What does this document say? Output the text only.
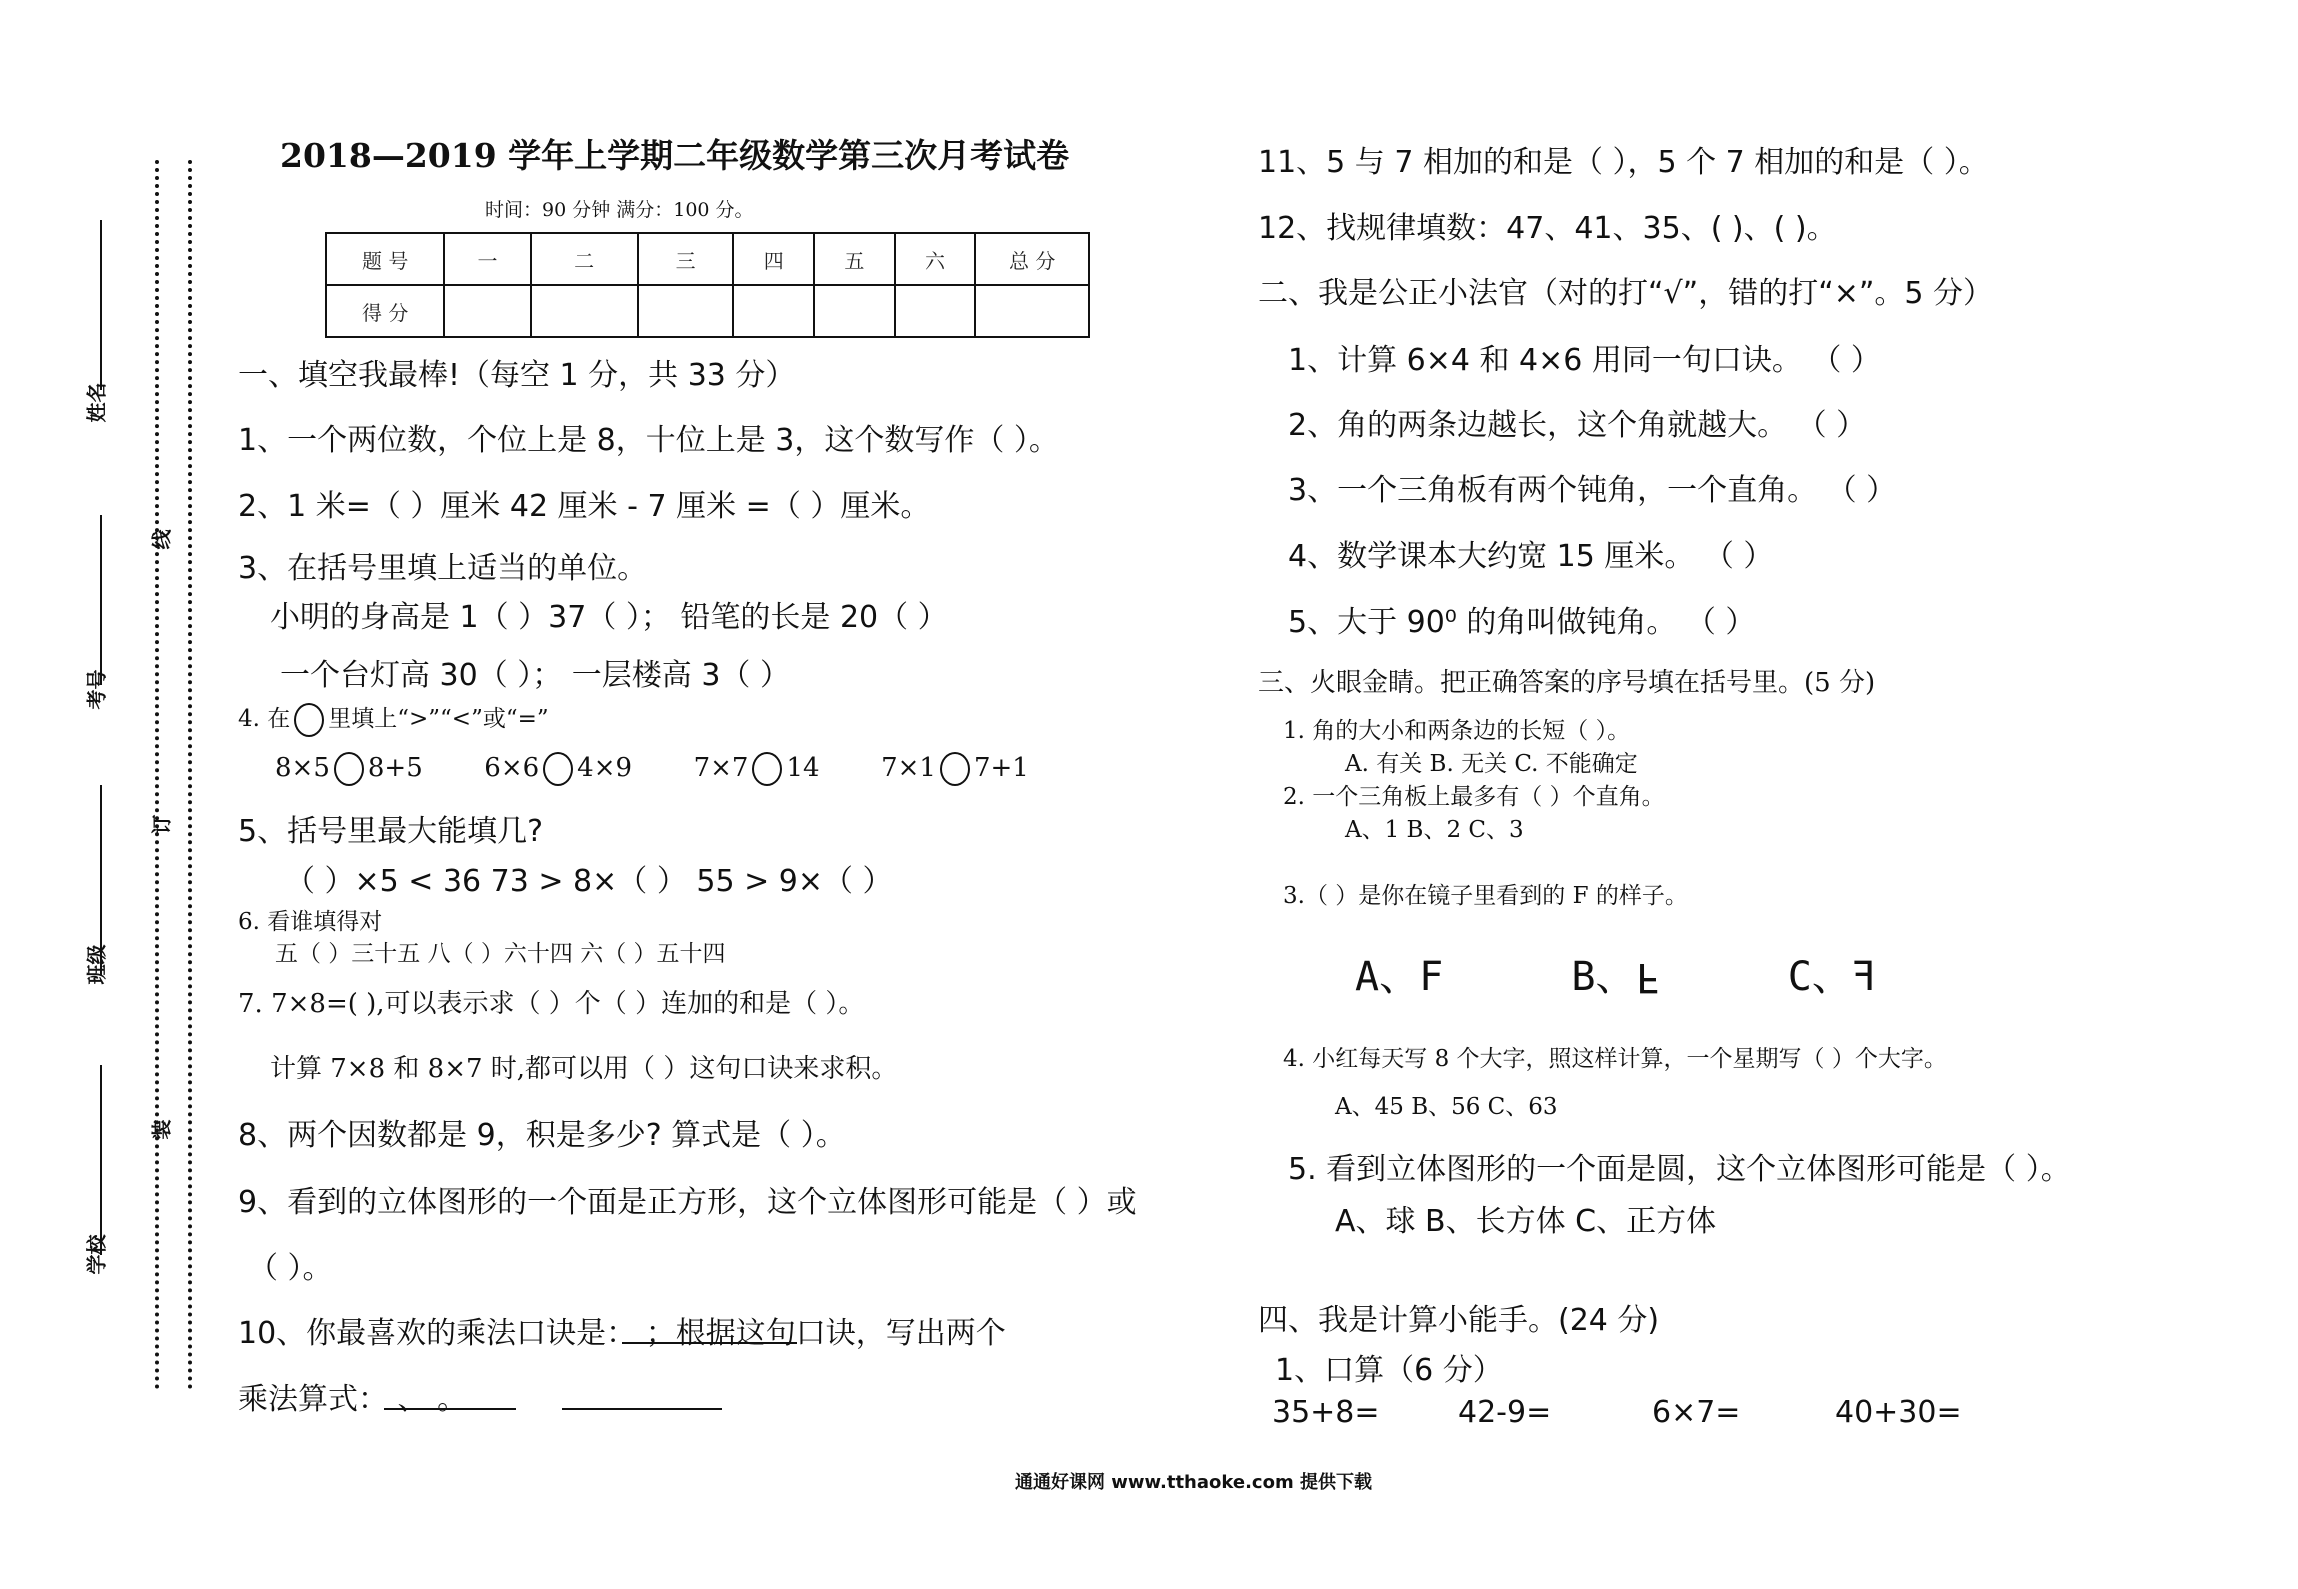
姓名
考号
班级
学校
线
订
装
2018—2019 学年上学期二年级数学第三次月考试卷
时间：90 分钟 满分：100 分。
题 号	一	二	三	四	五	六	总 分
得 分							
一、填空我最棒!（每空 1 分，共 33 分）
1、一个两位数，个位上是 8，十位上是 3，这个数写作（ ）。
2、1 米=（ ）厘米 42 厘米 - 7 厘米 =（ ）厘米。
3、在括号里填上适当的单位。
小明的身高是 1（ ）37（ ）； 铅笔的长是 20（ ）
一个台灯高 30（ ）； 一层楼高 3（ ）
4. 在 里填上“>”“<”或“=”
8×5 8+5 6×6 4×9 7×7 14 7×1 7+1
5、括号里最大能填几?
（ ）×5 < 36 73 > 8×（ ） 55 > 9×（ ）
6. 看谁填得对
五（ ）三十五 八（ ）六十四 六（ ）五十四
7. 7×8=( ),可以表示求（ ）个（ ）连加的和是（ ）。
计算 7×8 和 8×7 时,都可以用（ ）这句口诀来求积。
8、两个因数都是 9，积是多少? 算式是（ ）。
9、看到的立体图形的一个面是正方形，这个立体图形可能是（ ）或
（ ）。
10、你最喜欢的乘法口诀是： ；根据这句口诀，写出两个
乘法算式： 、 。
11、5 与 7 相加的和是（ ），5 个 7 相加的和是（ ）。
12、找规律填数：47、41、35、( )、( )。
二、我是公正小法官（对的打“√”，错的打“×”。5 分）
1、计算 6×4 和 4×6 用同一句口诀。 （ ）
2、角的两条边越长，这个角就越大。 （ ）
3、一个三角板有两个钝角，一个直角。 （ ）
4、数学课本大约宽 15 厘米。 （ ）
5、大于 90⁰ 的角叫做钝角。 （ ）
三、火眼金睛。把正确答案的序号填在括号里。(5 分)
1. 角的大小和两条边的长短（ ）。
A. 有关 B. 无关 C. 不能确定
2. 一个三角板上最多有（ ）个直角。
A、1 B、2 C、3
3.（ ）是你在镜子里看到的 F 的样子。
A、F	B、F	C、F
4. 小红每天写 8 个大字，照这样计算，一个星期写（ ）个大字。
A、45 B、56 C、63
5. 看到立体图形的一个面是圆，这个立体图形可能是（ ）。
A、球 B、长方体 C、正方体
四、我是计算小能手。(24 分)
1、口算（6 分）
35+8=	42-9=	6×7=	40+30=
通通好课网 www.tthaoke.com 提供下载
